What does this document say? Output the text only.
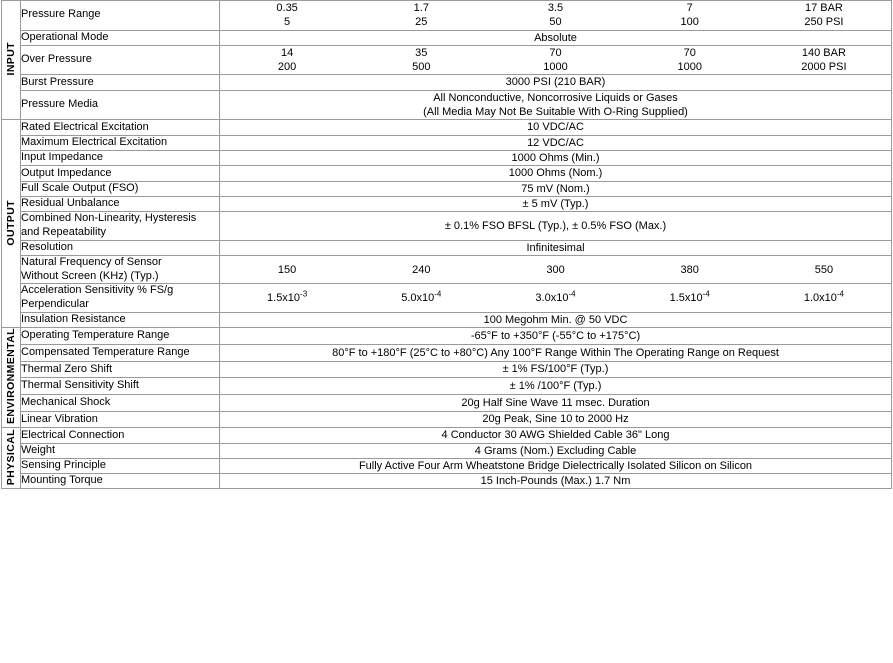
INPUT	Pressure Range	
0.35	1.7	3.5	7	17 BAR
5	25	50	100	250 PSI

	Operational Mode	Absolute
Over Pressure	
14	35	70	70	140 BAR
200	500	1000	1000	2000 PSI

	Burst Pressure	3000 PSI (210 BAR)
	Pressure Media	All Nonconductive, Noncorrosive Liquids or Gases
(All Media May Not Be Suitable With O-Ring Supplied)
OUTPUT	Rated Electrical Excitation	10 VDC/AC
	Maximum Electrical Excitation	12 VDC/AC
	Input Impedance	1000 Ohms (Min.)
	Output Impedance	1000 Ohms (Nom.)
	Full Scale Output (FSO)	75 mV (Nom.)
	Residual Unbalance	± 5 mV (Typ.)
	Combined Non-Linearity, Hysteresis
and Repeatability	± 0.1% FSO BFSL (Typ.), ± 0.5% FSO (Max.)
	Resolution	Infinitesimal
Natural Frequency of Sensor
Without Screen (KHz) (Typ.)	
150	240	300	380	550

Acceleration Sensitivity % FS/g
Perpendicular	
$1.5x10^{-3}$	$5.0x10^{-4}$	$3.0x10^{-4}$	$1.5x10^{-4}$	$1.0x10^{-4}$

	Insulation Resistance	100 Megohm Min. @ 50 VDC
ENVIRONMENTAL	Operating Temperature Range	-65°F to +350°F (-55°C to +175°C)
	Compensated Temperature Range	80°F to +180°F (25°C to +80°C) Any 100°F Range Within The Operating Range on Request
	Thermal Zero Shift	± 1% FS/100°F (Typ.)
	Thermal Sensitivity Shift	± 1% /100°F (Typ.)
	Mechanical Shock	20g Half Sine Wave 11 msec. Duration
	Linear Vibration	20g Peak, Sine 10 to 2000 Hz
PHYSICAL	Electrical Connection	4 Conductor 30 AWG Shielded Cable 36" Long
	Weight	4 Grams (Nom.) Excluding Cable
	Sensing Principle	Fully Active Four Arm Wheatstone Bridge Dielectrically Isolated Silicon on Silicon
	Mounting Torque	15 Inch-Pounds (Max.) 1.7 Nm
